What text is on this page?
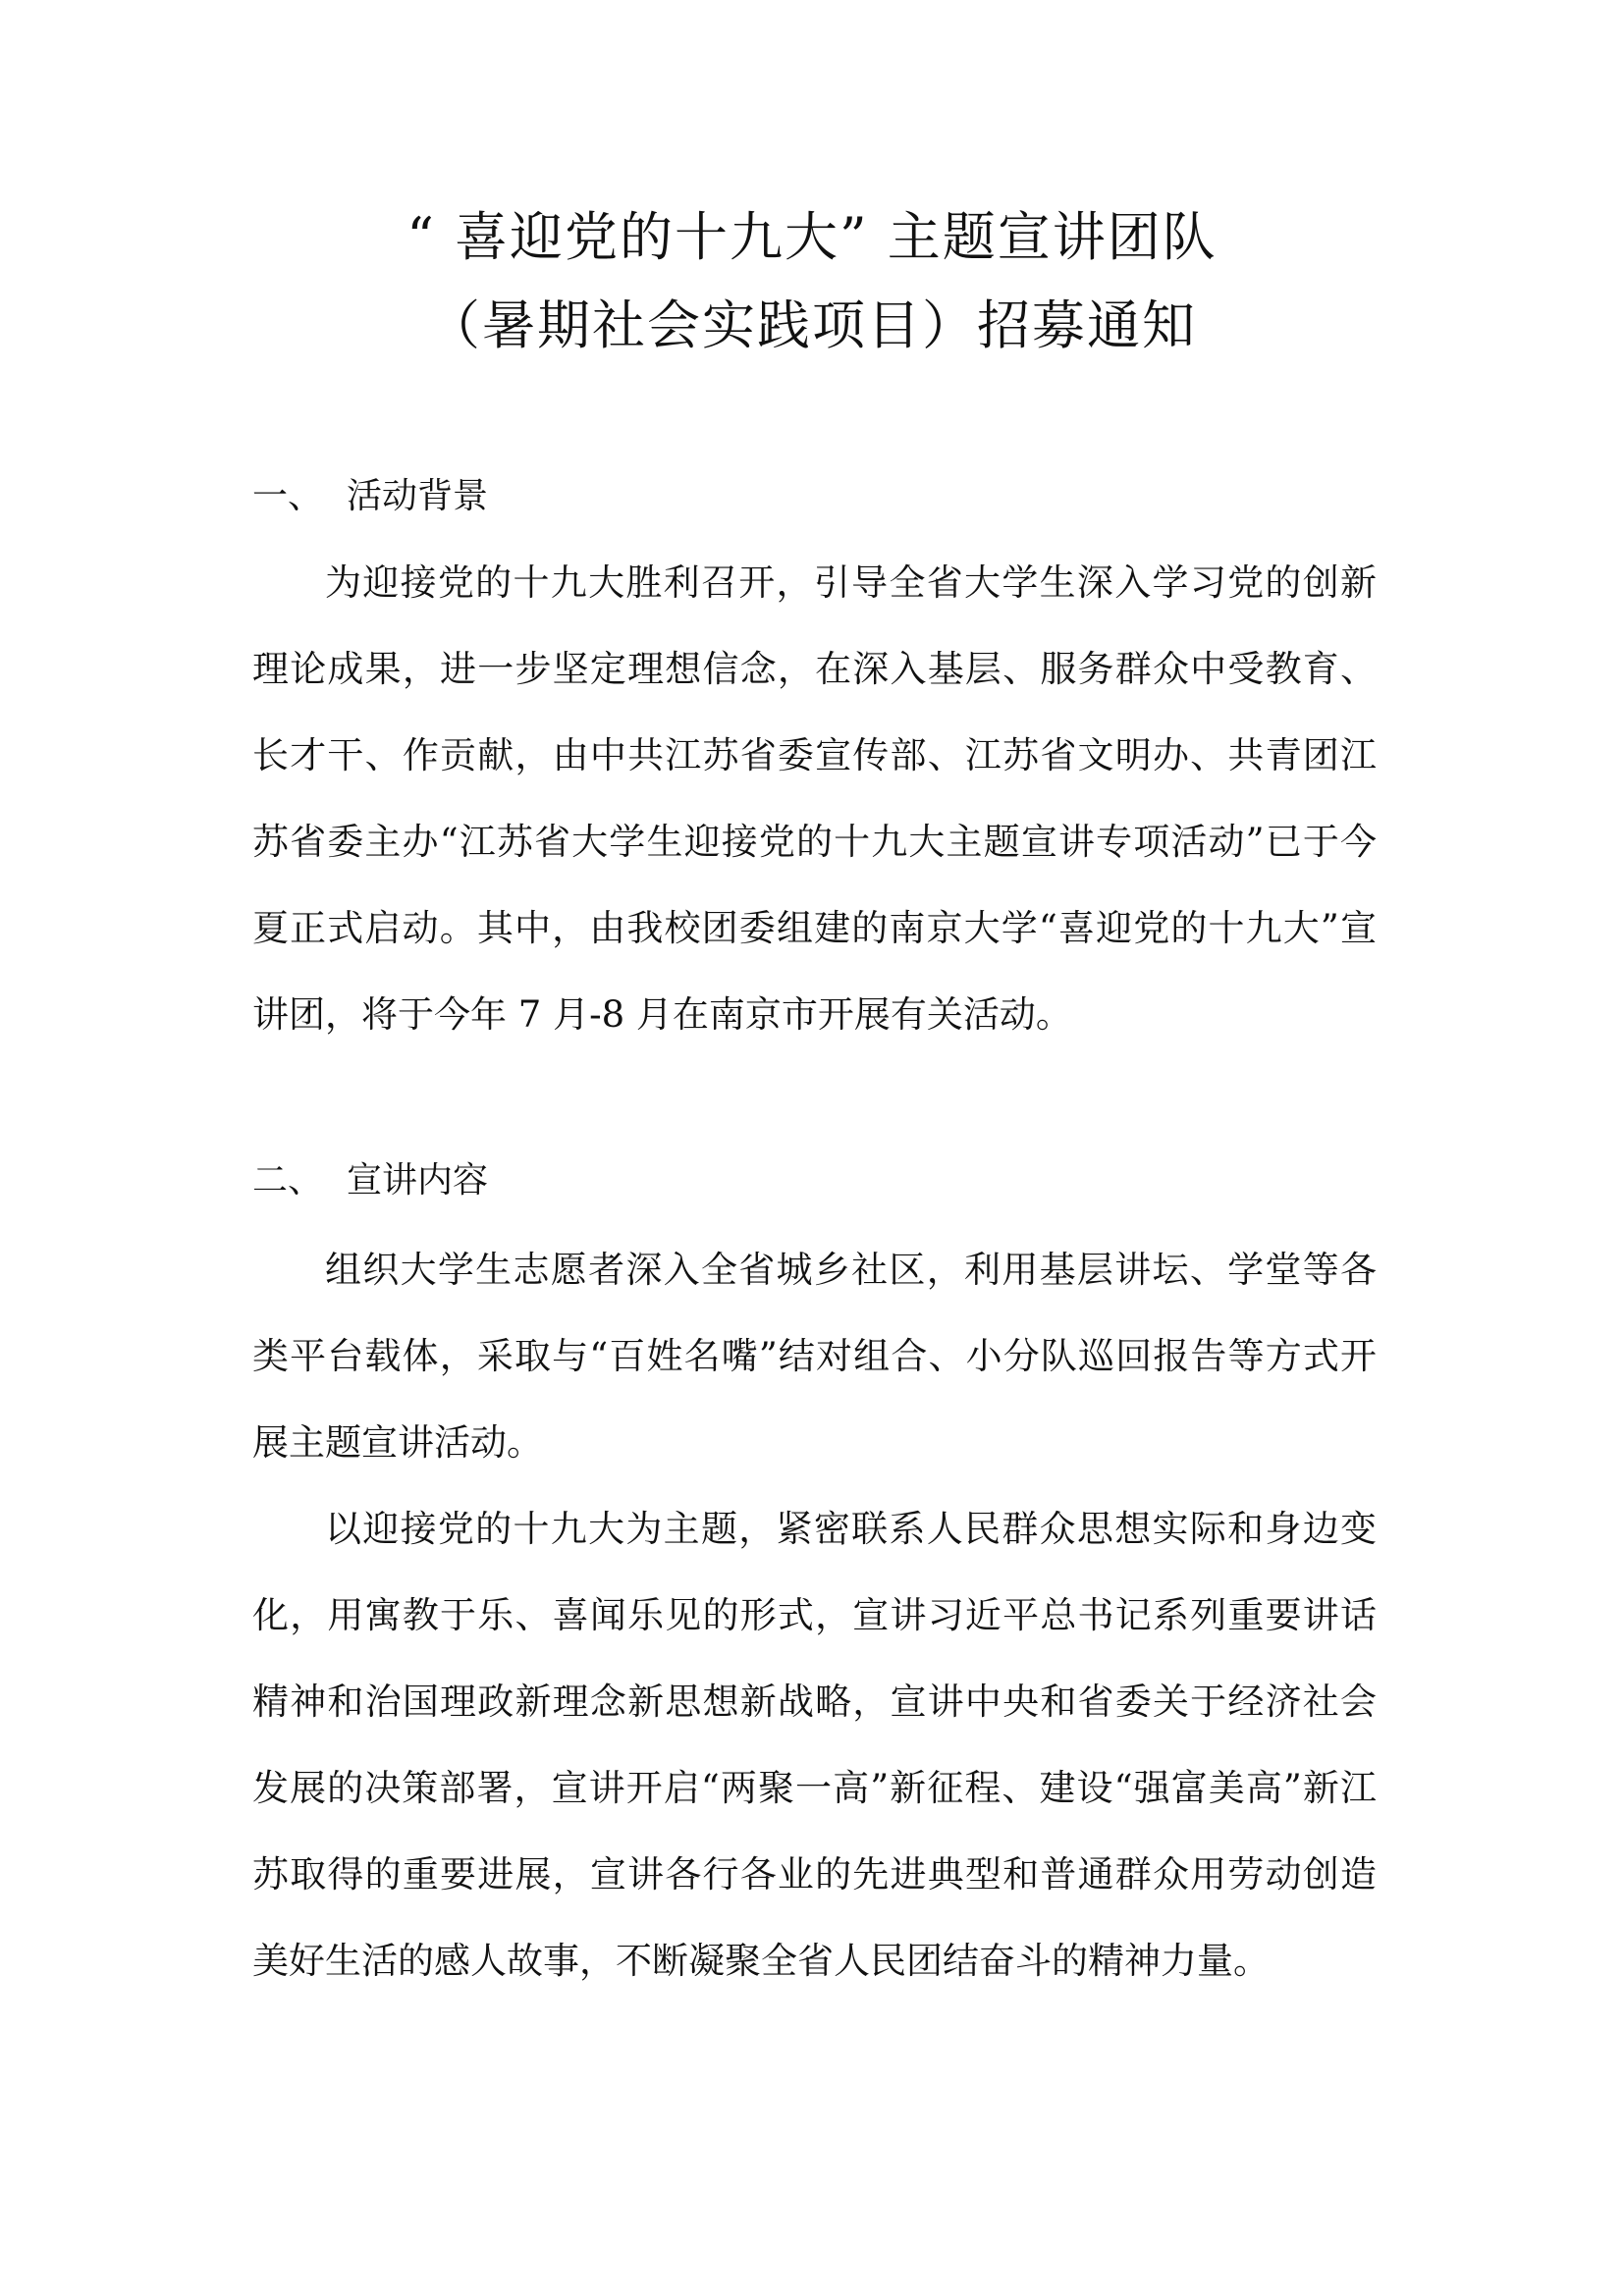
“ 喜迎党的十九大” 主题宣讲团队
（暑期社会实践项目）招募通知
一、 活动背景

为迎接党的十九大胜利召开，引导全省大学生深入学习党的创新理论成果，进一步坚定理想信念，在深入基层、服务群众中受教育、长才干、作贡献，由中共江苏省委宣传部、江苏省文明办、共青团江苏省委主办“江苏省大学生迎接党的十九大主题宣讲专项活动”已于今夏正式启动。其中，由我校团委组建的南京大学“喜迎党的十九大”宣讲团，将于今年 7 月-8 月在南京市开展有关活动。

二、 宣讲内容

组织大学生志愿者深入全省城乡社区，利用基层讲坛、学堂等各类平台载体，采取与“百姓名嘴”结对组合、小分队巡回报告等方式开展主题宣讲活动。

以迎接党的十九大为主题，紧密联系人民群众思想实际和身边变化，用寓教于乐、喜闻乐见的形式，宣讲习近平总书记系列重要讲话精神和治国理政新理念新思想新战略，宣讲中央和省委关于经济社会发展的决策部署，宣讲开启“两聚一高”新征程、建设“强富美高”新江苏取得的重要进展，宣讲各行各业的先进典型和普通群众用劳动创造美好生活的感人故事，不断凝聚全省人民团结奋斗的精神力量。
